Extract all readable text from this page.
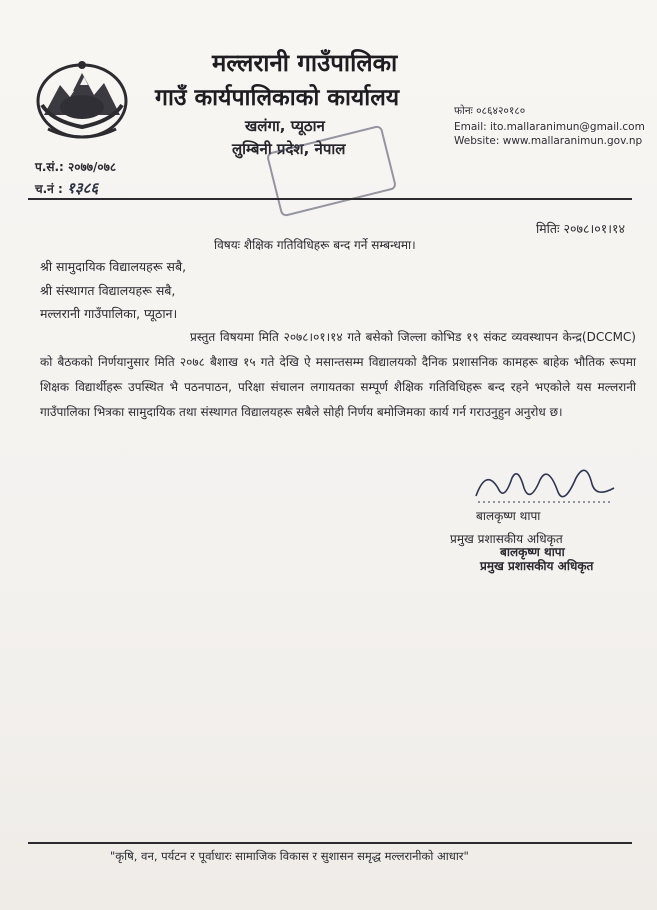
मल्लरानी गाउँपालिका
गाउँ कार्यपालिकाको कार्यालय
खलंगा, प्यूठान
लुम्बिनी प्रदेश, नेपाल
फोनः ०८६४२०१८०
Email: ito.mallaranimun@gmail.com
Website: www.mallaranimun.gov.np
प.सं.: २०७७/०७८
च.नं : १३८६
मितिः २०७८।०१।१४
विषयः शैक्षिक गतिविधिहरू बन्द गर्ने सम्बन्धमा।
श्री सामुदायिक विद्यालयहरू सबै,
श्री संस्थागत विद्यालयहरू सबै,
मल्लरानी गाउँपालिका, प्यूठान।
प्रस्तुत विषयमा मिति २०७८।०१।१४ गते बसेको जिल्ला कोभिड १९ संकट व्यवस्थापन केन्द्र(DCCMC) को बैठकको निर्णयानुसार मिति २०७८ बैशाख १५ गते देखि ऐ मसान्तसम्म विद्यालयको दैनिक प्रशासनिक कामहरू बाहेक भौतिक रूपमा शिक्षक विद्यार्थीहरू उपस्थित भै पठनपाठन, परिक्षा संचालन लगायतका सम्पूर्ण शैक्षिक गतिविधिहरू बन्द रहने भएकोले यस मल्लरानी गाउँपालिका भित्रका सामुदायिक तथा संस्थागत विद्यालयहरू सबैले सोही निर्णय बमोजिमका कार्य गर्न गराउनुहुन अनुरोध छ।
बालकृष्ण थापा
प्रमुख प्रशासकीय अधिकृत
बालकृष्ण थापा
प्रमुख प्रशासकीय अधिकृत
"कृषि, वन, पर्यटन र पूर्वाधारः सामाजिक विकास र सुशासन समृद्ध मल्लरानीको आधार"
